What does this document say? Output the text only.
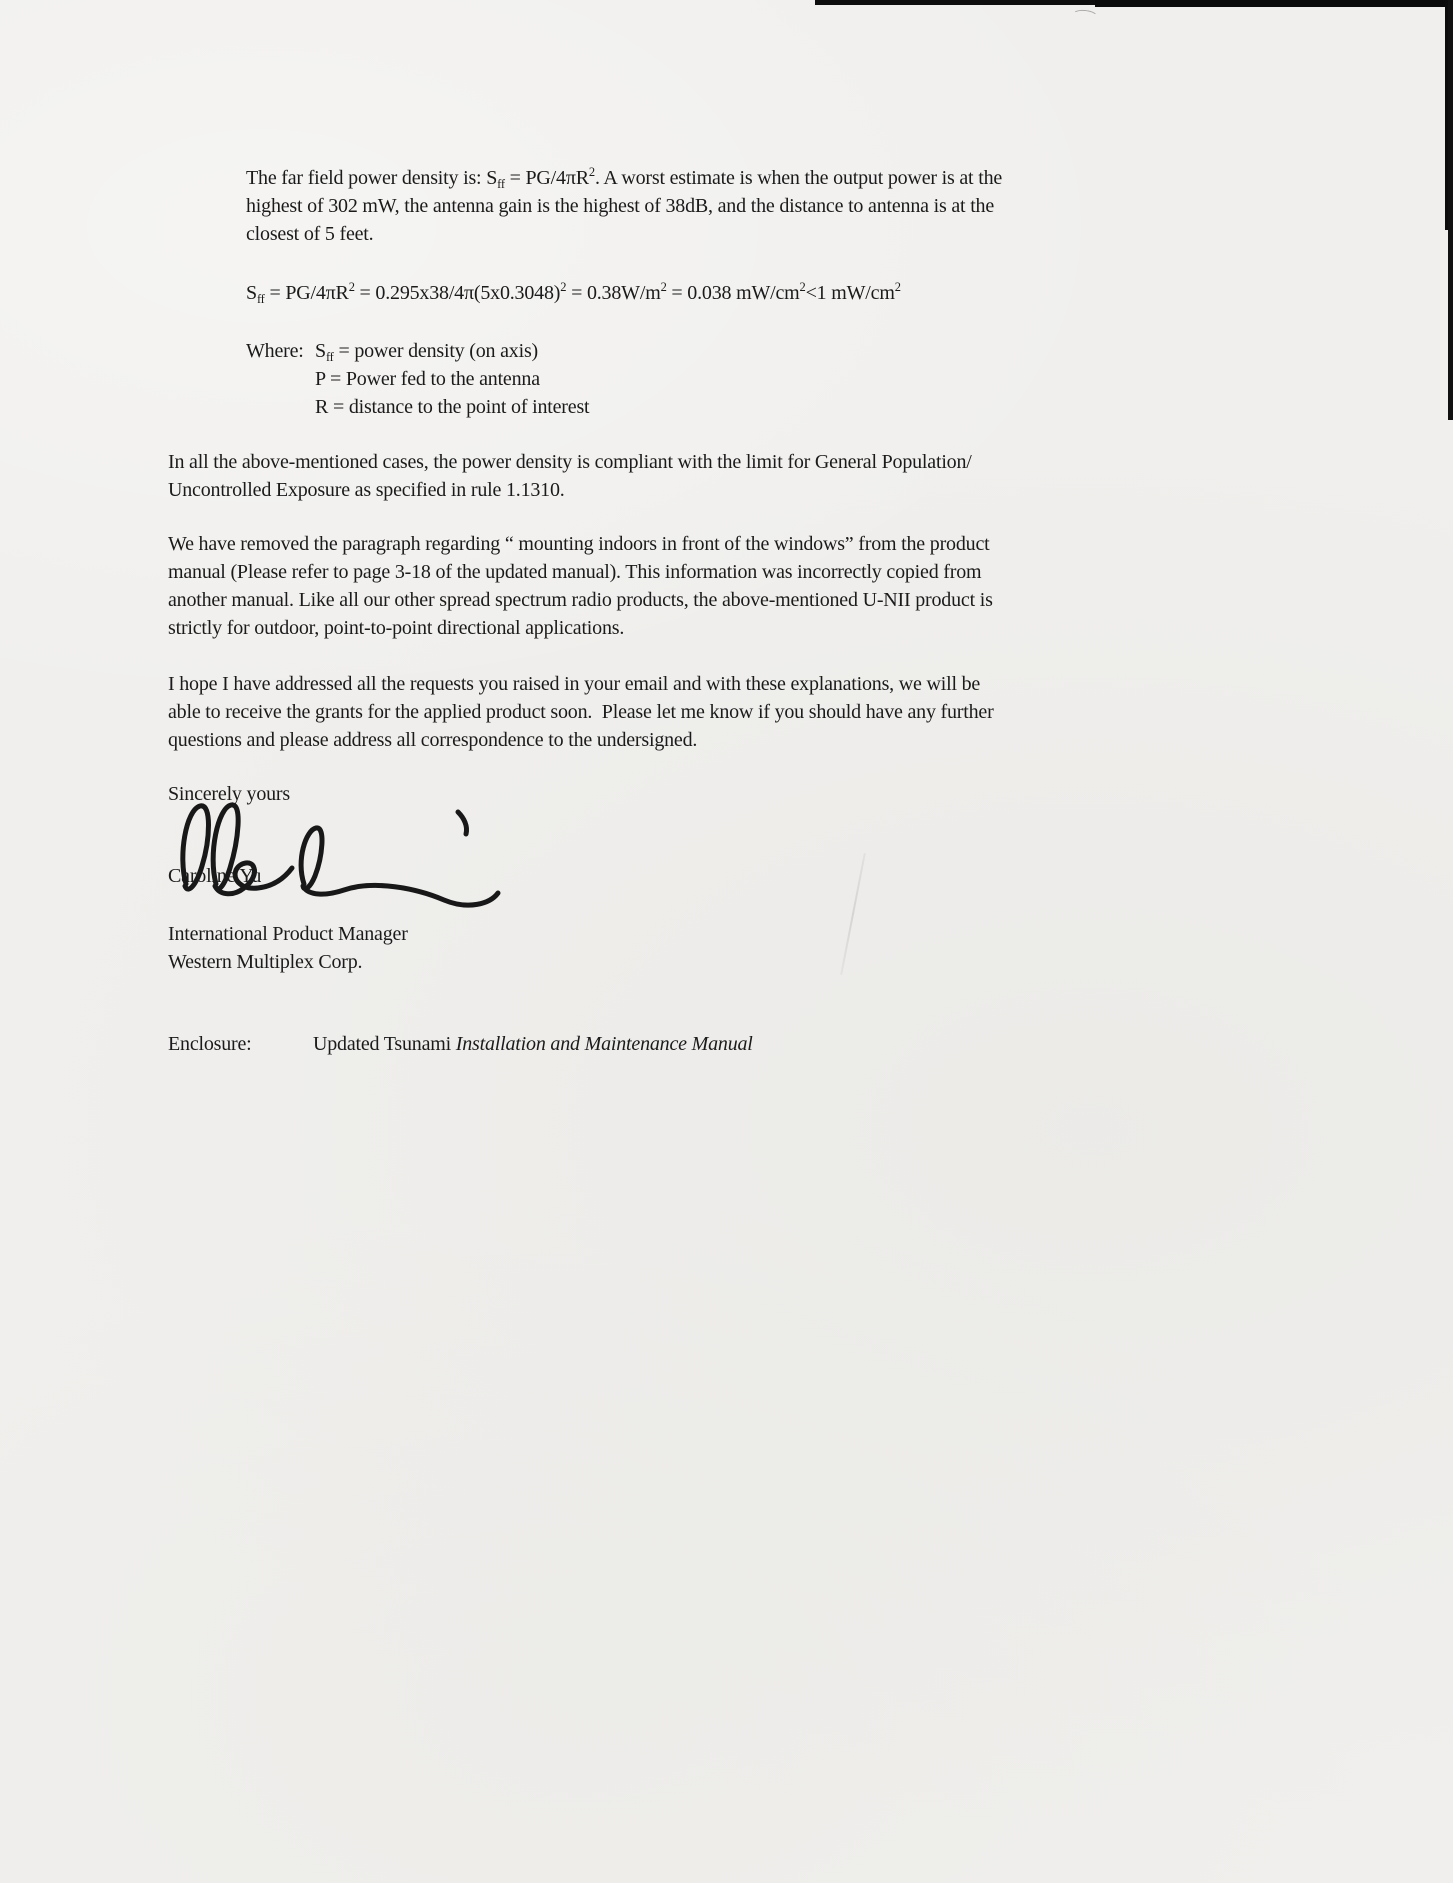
The far field power density is: $S_{ff} = PG/4\pi R^2$. A worst estimate is when the output power is at the
highest of 302 mW, the antenna gain is the highest of 38dB, and the distance to antenna is at the
closest of 5 feet.
$S_{ff} = PG/4\pi R^2 = 0.295x38/4\pi(5x0.3048)^2 = 0.38W/m^2 = 0.038$ $mW/cm^2<1$ $mW/cm^2$
Where: $S_{ff}$ = power density (on axis)
P = Power fed to the antenna
R = distance to the point of interest
In all the above-mentioned cases, the power density is compliant with the limit for General Population/
Uncontrolled Exposure as specified in rule 1.1310.
We have removed the paragraph regarding “ mounting indoors in front of the windows” from the product
manual (Please refer to page 3-18 of the updated manual). This information was incorrectly copied from
another manual. Like all our other spread spectrum radio products, the above-mentioned U-NII product is
strictly for outdoor, point-to-point directional applications.
I hope I have addressed all the requests you raised in your email and with these explanations, we will be
able to receive the grants for the applied product soon.  Please let me know if you should have any further
questions and please address all correspondence to the undersigned.
Sincerely yours
Caroline Yu
International Product Manager
Western Multiplex Corp.
Enclosure:	Updated Tsunami Installation and Maintenance Manual
